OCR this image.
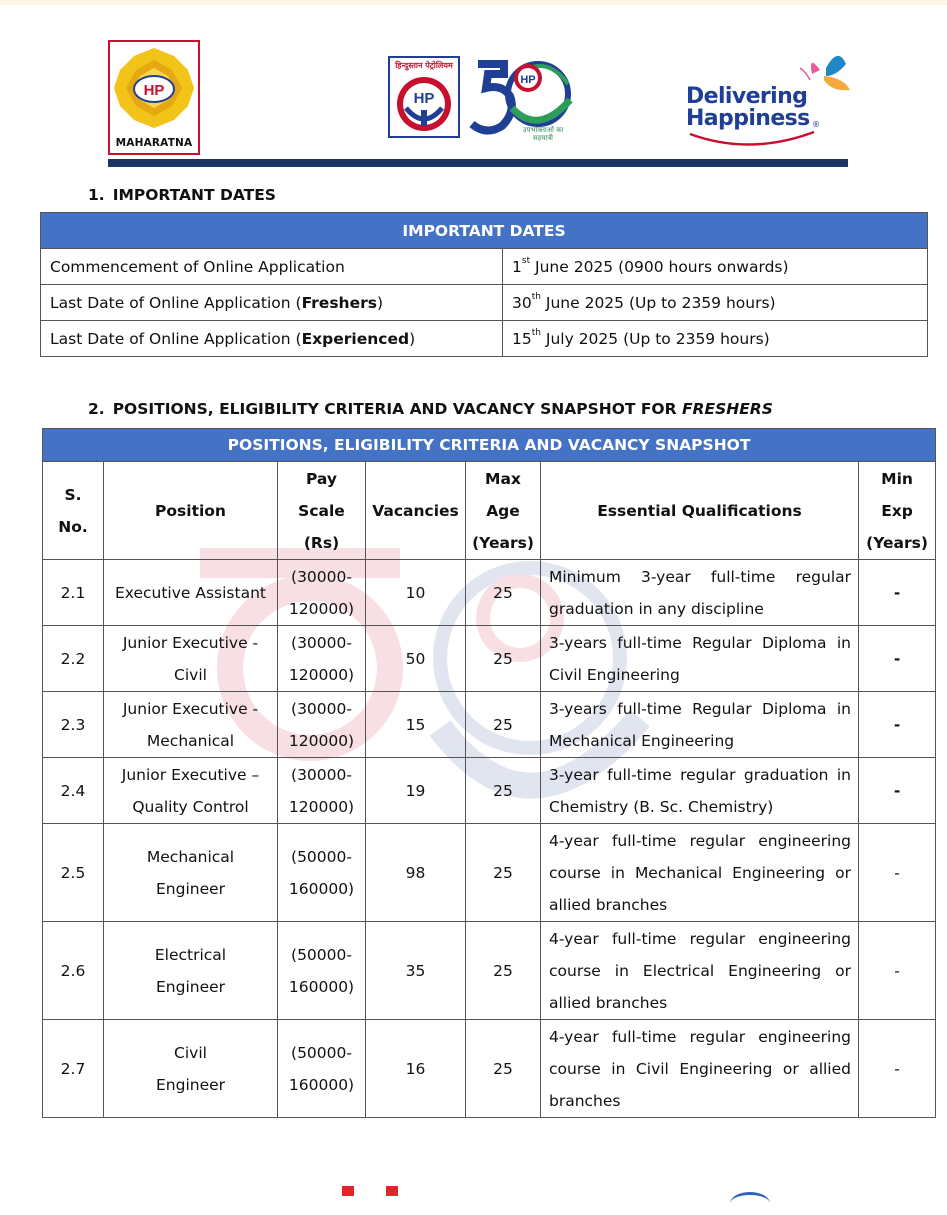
HP
MAHARATNA
HP
हिन्दुस्तान पेट्रोलियम
HP
उपभोक्ताओं का सहयात्री
Delivering
Happiness ®
1. IMPORTANT DATES
IMPORTANT DATES	
Commencement of Online Application	1st June 2025 (0900 hours onwards)
Last Date of Online Application (Freshers)	30th June 2025 (Up to 2359 hours)
Last Date of Online Application (Experienced)	15th July 2025 (Up to 2359 hours)
2. POSITIONS, ELIGIBILITY CRITERIA AND VACANCY SNAPSHOT FOR FRESHERS
POSITIONS, ELIGIBILITY CRITERIA AND VACANCY SNAPSHOT						
S.
No.	Position	Pay
Scale
(Rs)	Vacancies	Max
Age
(Years)	Essential Qualifications	Min
Exp
(Years)
2.1	Executive Assistant	(30000-
120000)	10	25	Minimum 3-year full-time regular graduation in any discipline	-
2.2	Junior Executive -
Civil	(30000-
120000)	50	25	3-years full-time Regular Diploma in Civil Engineering	-
2.3	Junior Executive -
Mechanical	(30000-
120000)	15	25	3-years full-time Regular Diploma in Mechanical Engineering	-
2.4	Junior Executive –
Quality Control	(30000-
120000)	19	25	3-year full-time regular graduation in Chemistry (B. Sc. Chemistry)	-
2.5	Mechanical
Engineer	(50000-
160000)	98	25	4-year full-time regular engineering course in Mechanical Engineering or allied branches	-
2.6	Electrical
Engineer	(50000-
160000)	35	25	4-year full-time regular engineering course in Electrical Engineering or allied branches	-
2.7	Civil
Engineer	(50000-
160000)	16	25	4-year full-time regular engineering course in Civil Engineering or allied branches	-
